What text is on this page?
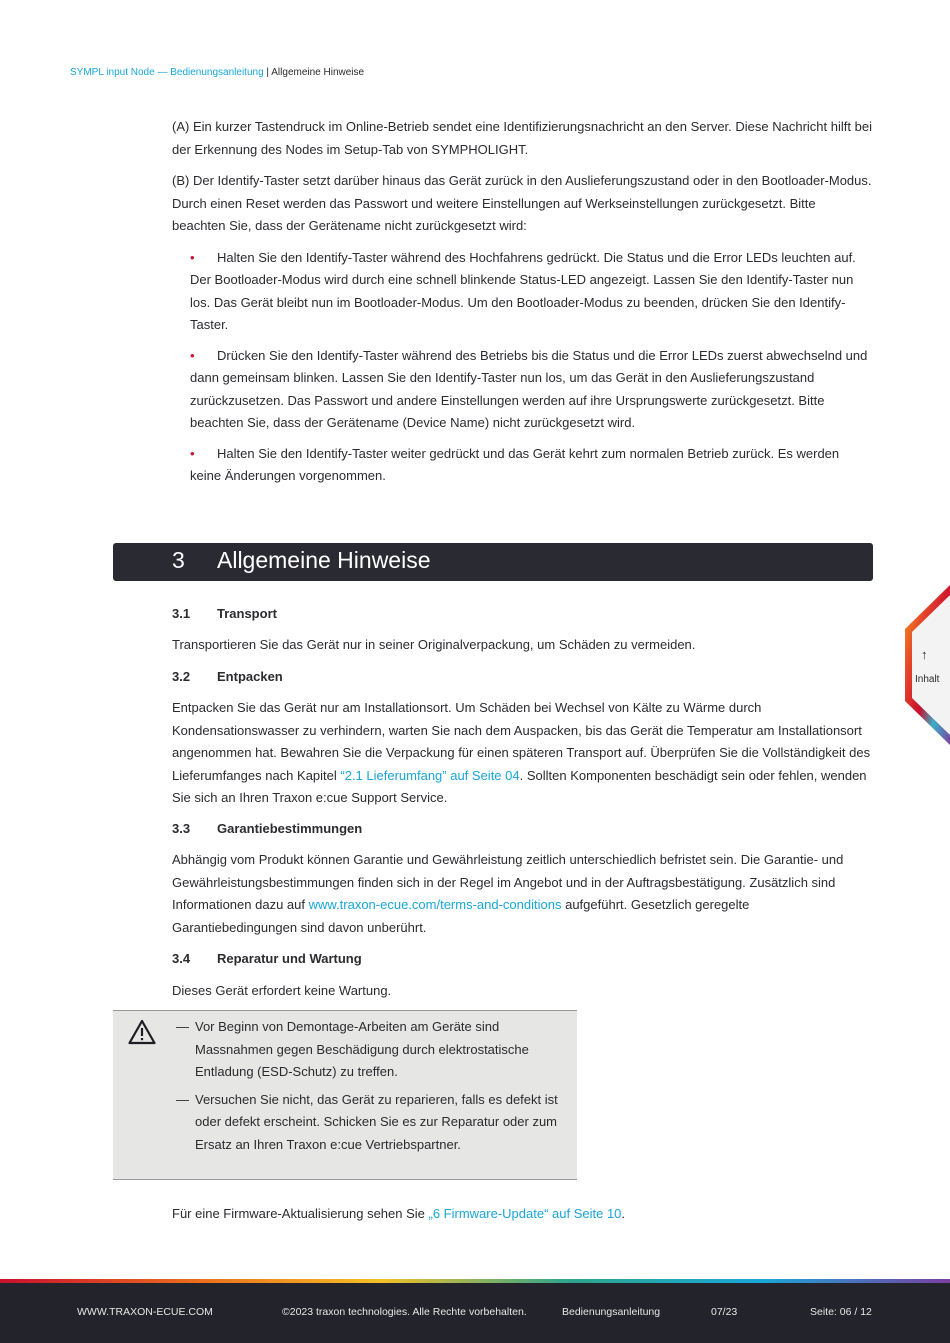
SYMPL input Node — Bedienungsanleitung | Allgemeine Hinweise

(A) Ein kurzer Tastendruck im Online-Betrieb sendet eine Identifizierungsnachricht an den Server. Diese Nachricht hilft bei der Erkennung des Nodes im Setup-Tab von SYMPHOLIGHT.

(B) Der Identify-Taster setzt darüber hinaus das Gerät zurück in den Auslieferungszustand oder in den Bootloader-Modus. Durch einen Reset werden das Passwort und weitere Einstellungen auf Werkseinstellungen zurückgesetzt. Bitte beachten Sie, dass der Gerätename nicht zurückgesetzt wird:

• Halten Sie den Identify-Taster während des Hochfahrens gedrückt. Die Status und die Error LEDs leuchten auf. Der Bootloader-Modus wird durch eine schnell blinkende Status-LED angezeigt. Lassen Sie den Identify-Taster nun los. Das Gerät bleibt nun im Bootloader-Modus. Um den Bootloader-Modus zu beenden, drücken Sie den Identify-Taster.
• Drücken Sie den Identify-Taster während des Betriebs bis die Status und die Error LEDs zuerst abwechselnd und dann gemeinsam blinken. Lassen Sie den Identify-Taster nun los, um das Gerät in den Auslieferungszustand zurückzusetzen. Das Passwort und andere Einstellungen werden auf ihre Ursprungswerte zurückgesetzt. Bitte beachten Sie, dass der Gerätename (Device Name) nicht zurückgesetzt wird.
• Halten Sie den Identify-Taster weiter gedrückt und das Gerät kehrt zum normalen Betrieb zurück. Es werden keine Änderungen vorgenommen.
3 Allgemeine Hinweise
3.1 Transport
Transportieren Sie das Gerät nur in seiner Originalverpackung, um Schäden zu vermeiden.
3.2 Entpacken
Entpacken Sie das Gerät nur am Installationsort. Um Schäden bei Wechsel von Kälte zu Wärme durch Kondensationswasser zu verhindern, warten Sie nach dem Auspacken, bis das Gerät die Temperatur am Installationsort angenommen hat. Bewahren Sie die Verpackung für einen späteren Transport auf. Überprüfen Sie die Vollständigkeit des Lieferumfanges nach Kapitel “2.1 Lieferumfang” auf Seite 04. Sollten Komponenten beschädigt sein oder fehlen, wenden Sie sich an Ihren Traxon e:cue Support Service.
3.3 Garantiebestimmungen
Abhängig vom Produkt können Garantie und Gewährleistung zeitlich unterschiedlich befristet sein. Die Garantie- und Gewährleistungsbestimmungen finden sich in der Regel im Angebot und in der Auftragsbestätigung. Zusätzlich sind Informationen dazu auf www.traxon-ecue.com/terms-and-conditions aufgeführt. Gesetzlich geregelte Garantiebedingungen sind davon unberührt.
3.4 Reparatur und Wartung
Dieses Gerät erfordert keine Wartung.
— Vor Beginn von Demontage-Arbeiten am Geräte sind Massnahmen gegen Beschädigung durch elektrostatische Entladung (ESD-Schutz) zu treffen.
— Versuchen Sie nicht, das Gerät zu reparieren, falls es defekt ist oder defekt erscheint. Schicken Sie es zur Reparatur oder zum Ersatz an Ihren Traxon e:cue Vertriebspartner.
Für eine Firmware-Aktualisierung sehen Sie „6 Firmware-Update“ auf Seite 10.
↑
Inhalt
WWW.TRAXON-ECUE.COM	©2023 traxon technologies. Alle Rechte vorbehalten.	Bedienungsanleitung	07/23	Seite: 06 / 12
